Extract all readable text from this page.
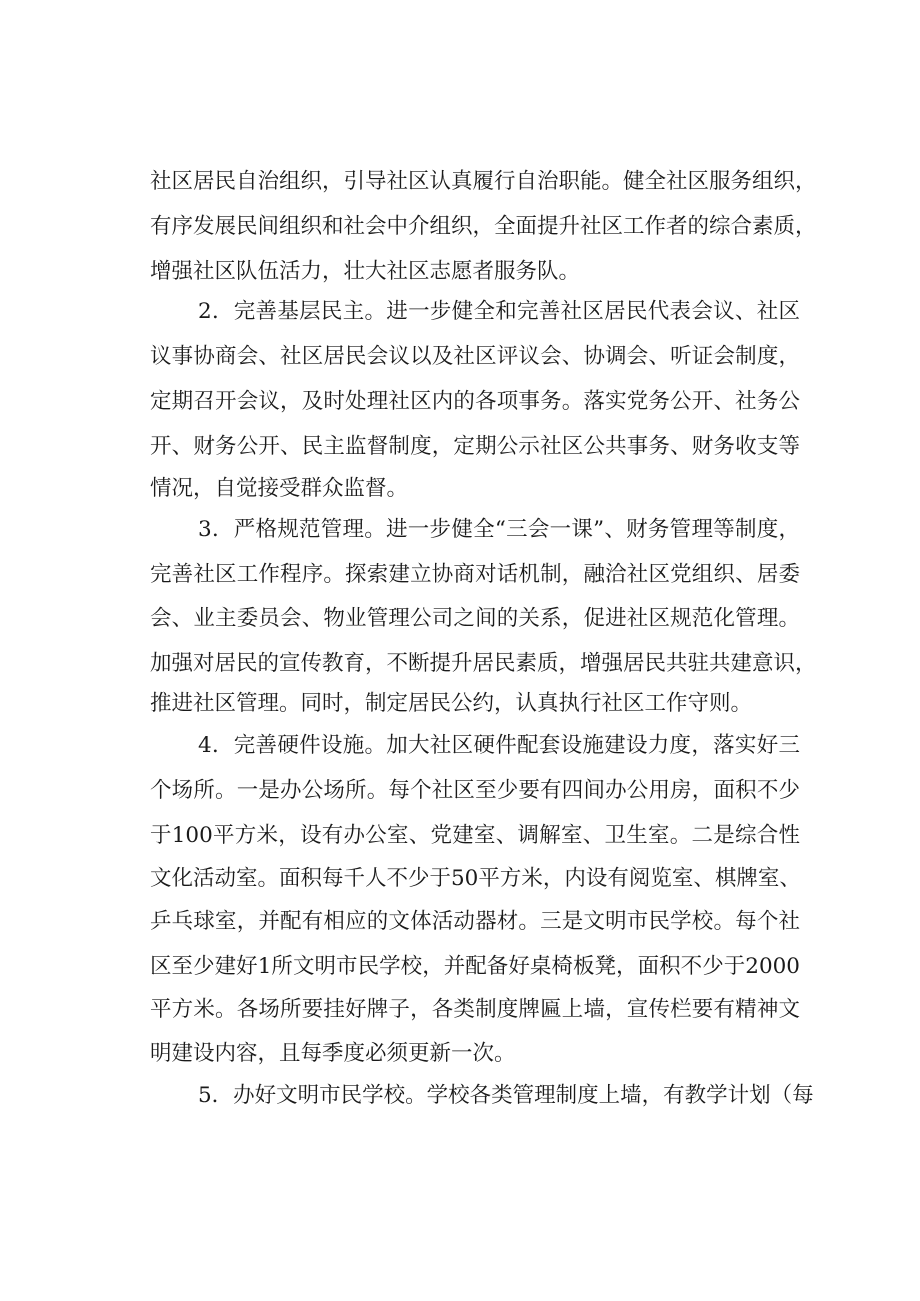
社区居民自治组织，引导社区认真履行自治职能。健全社区服务组织，
有序发展民间组织和社会中介组织，全面提升社区工作者的综合素质，
增强社区队伍活力，壮大社区志愿者服务队。
2．完善基层民主。进一步健全和完善社区居民代表会议、社区
议事协商会、社区居民会议以及社区评议会、协调会、听证会制度，
定期召开会议，及时处理社区内的各项事务。落实党务公开、社务公
开、财务公开、民主监督制度，定期公示社区公共事务、财务收支等
情况，自觉接受群众监督。
3．严格规范管理。进一步健全“三会一课”、财务管理等制度，
完善社区工作程序。探索建立协商对话机制，融洽社区党组织、居委
会、业主委员会、物业管理公司之间的关系，促进社区规范化管理。
加强对居民的宣传教育，不断提升居民素质，增强居民共驻共建意识，
推进社区管理。同时，制定居民公约，认真执行社区工作守则。
4．完善硬件设施。加大社区硬件配套设施建设力度，落实好三
个场所。一是办公场所。每个社区至少要有四间办公用房，面积不少
于100平方米，设有办公室、党建室、调解室、卫生室。二是综合性
文化活动室。面积每千人不少于50平方米，内设有阅览室、棋牌室、
乒乓球室，并配有相应的文体活动器材。三是文明市民学校。每个社
区至少建好1所文明市民学校，并配备好桌椅板凳，面积不少于2000
平方米。各场所要挂好牌子，各类制度牌匾上墙，宣传栏要有精神文
明建设内容，且每季度必须更新一次。
5．办好文明市民学校。学校各类管理制度上墙，有教学计划（每
